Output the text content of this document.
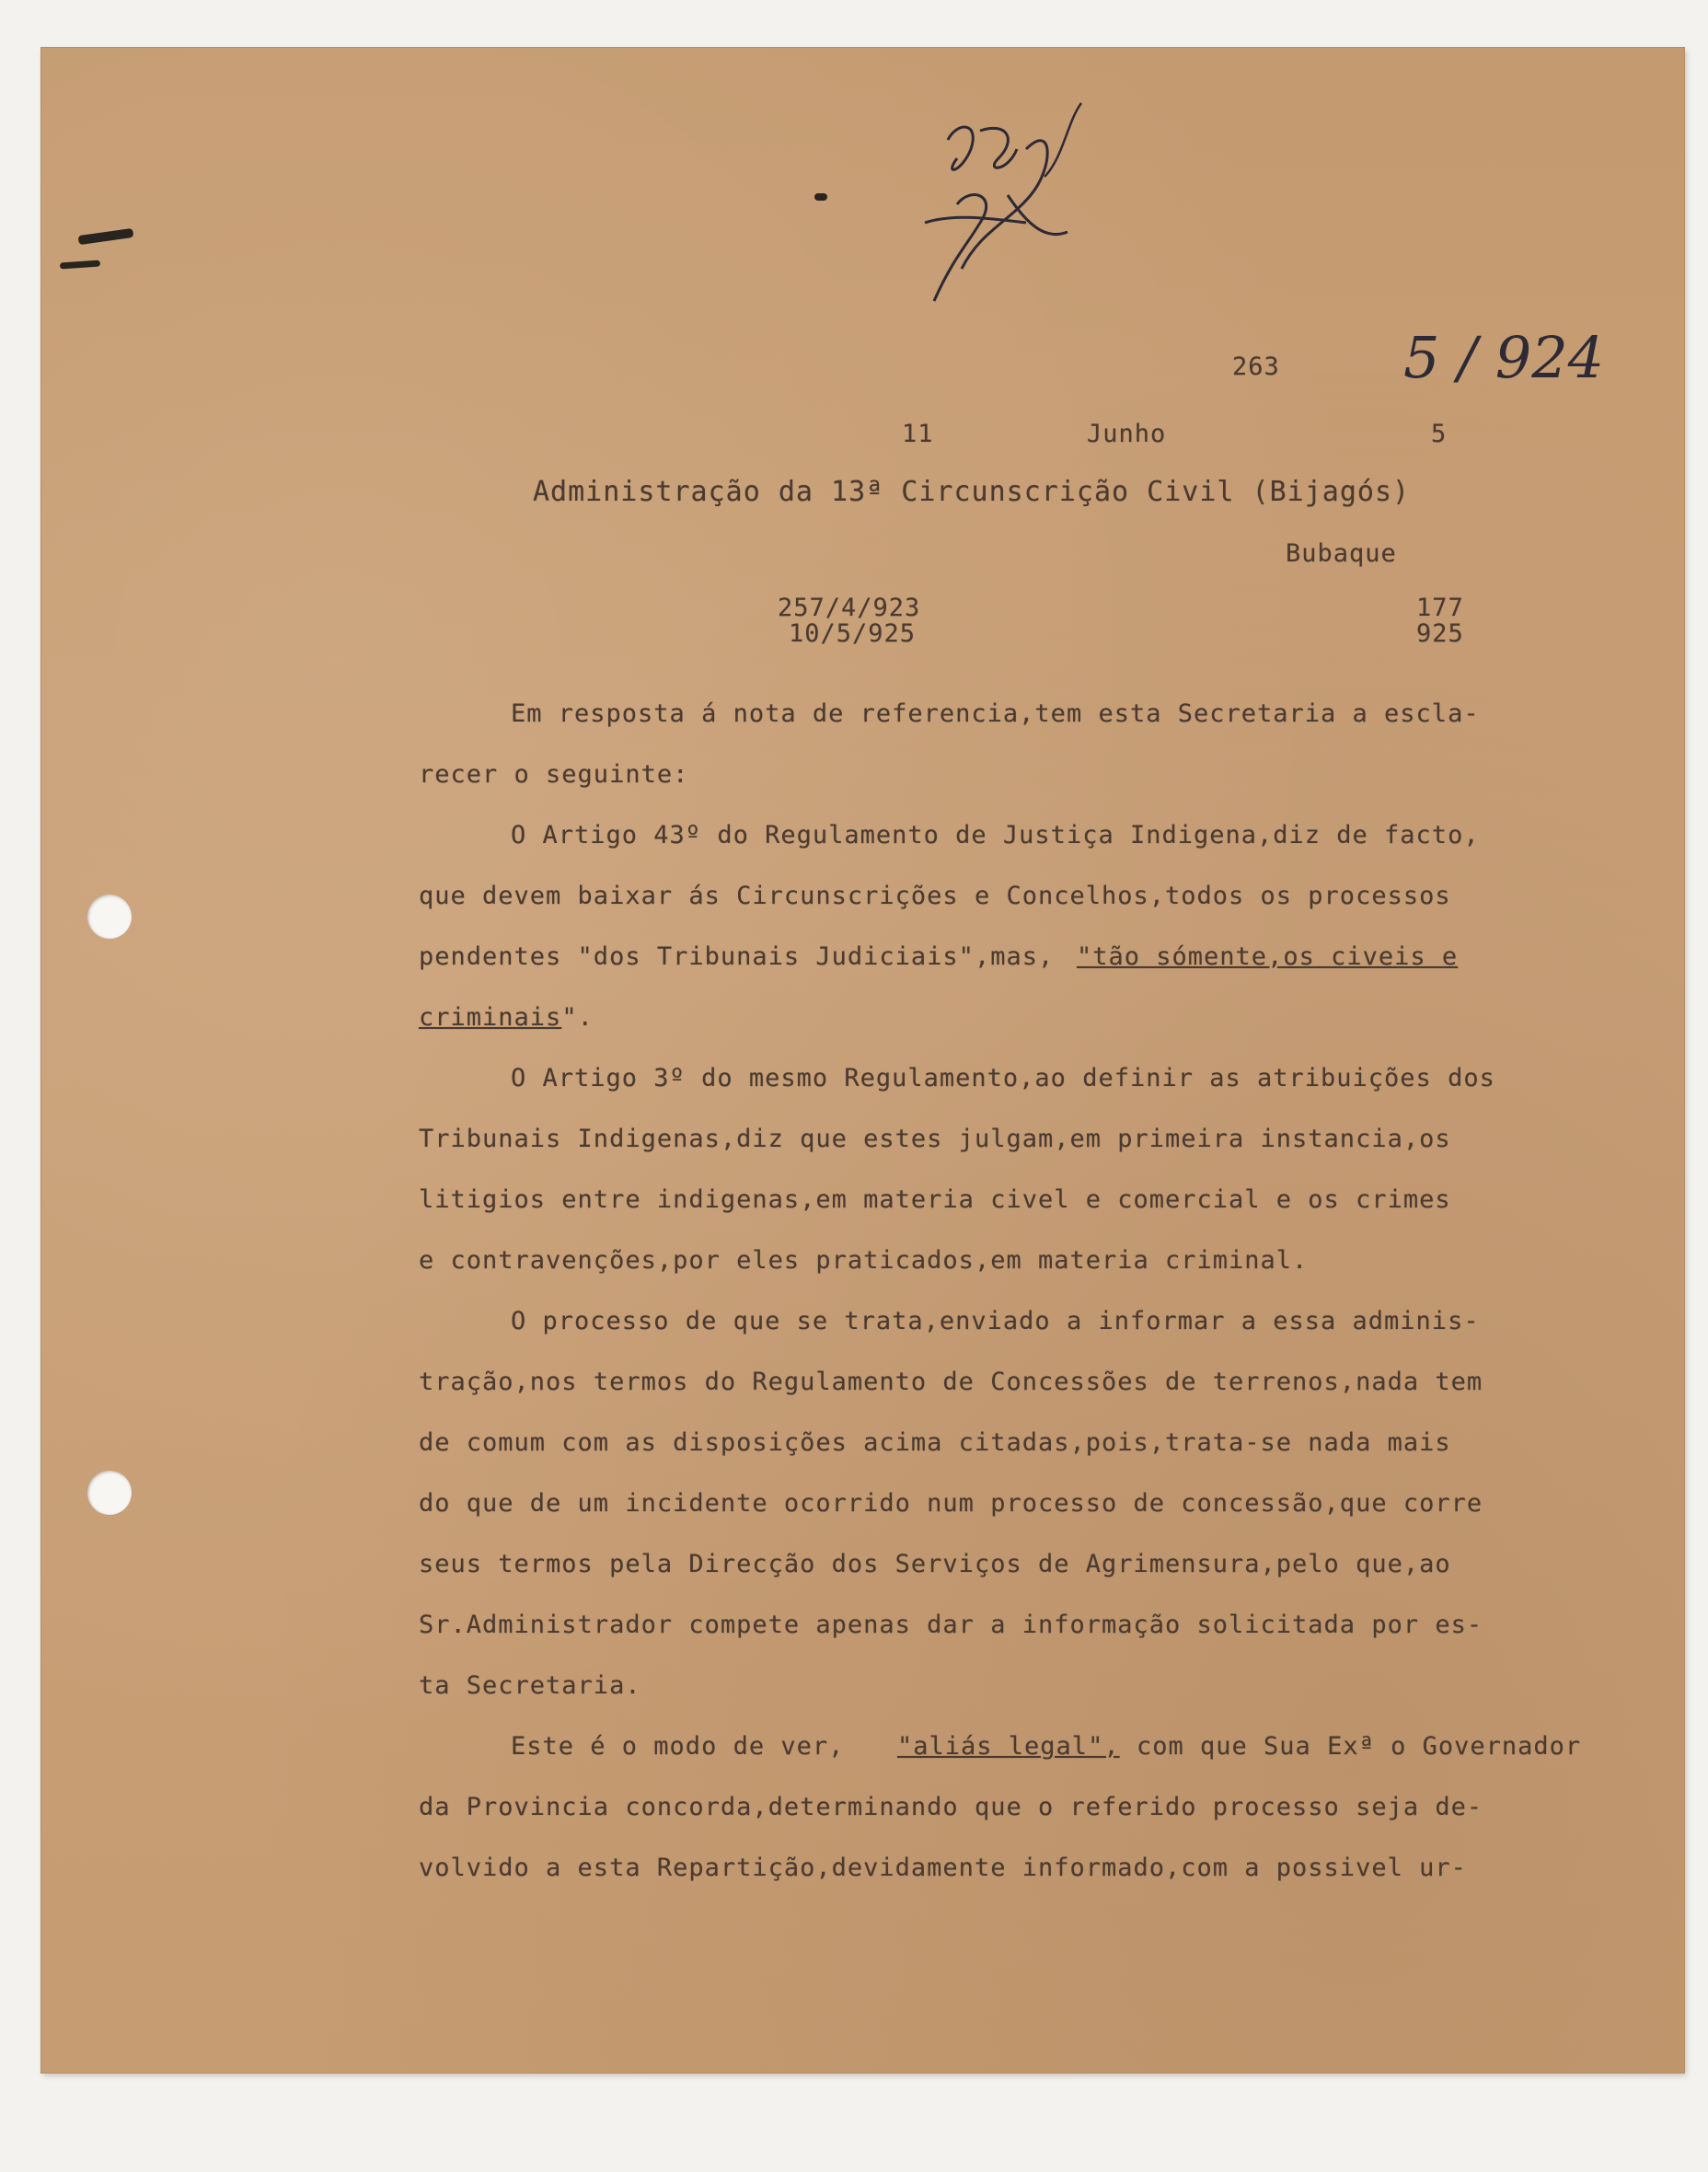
263 5 / 924
11	Junho	5
Administração da 13ª Circunscrição Civil (Bijagós)
Bubaque
257/4/923
10/5/925
177
925
Em resposta á nota de referencia,tem esta Secretaria a escla-
recer o seguinte:
O Artigo 43º do Regulamento de Justiça Indigena,diz de facto,
que devem baixar ás Circunscrições e Concelhos,todos os processos
pendentes "dos Tribunais Judiciais",mas, "tão sómente,os civeis e
criminais".
O Artigo 3º do mesmo Regulamento,ao definir as atribuições dos
Tribunais Indigenas,diz que estes julgam,em primeira instancia,os
litigios entre indigenas,em materia civel e comercial e os crimes
e contravenções,por eles praticados,em materia criminal.
O processo de que se trata,enviado a informar a essa adminis-
tração,nos termos do Regulamento de Concessões de terrenos,nada tem
de comum com as disposições acima citadas,pois,trata-se nada mais
do que de um incidente ocorrido num processo de concessão,que corre
seus termos pela Direcção dos Serviços de Agrimensura,pelo que,ao
Sr.Administrador compete apenas dar a informação solicitada por es-
ta Secretaria.
Este é o modo de ver, "aliás legal", com que Sua Exª o Governador
da Provincia concorda,determinando que o referido processo seja de-
volvido a esta Repartição,devidamente informado,com a possivel ur-
